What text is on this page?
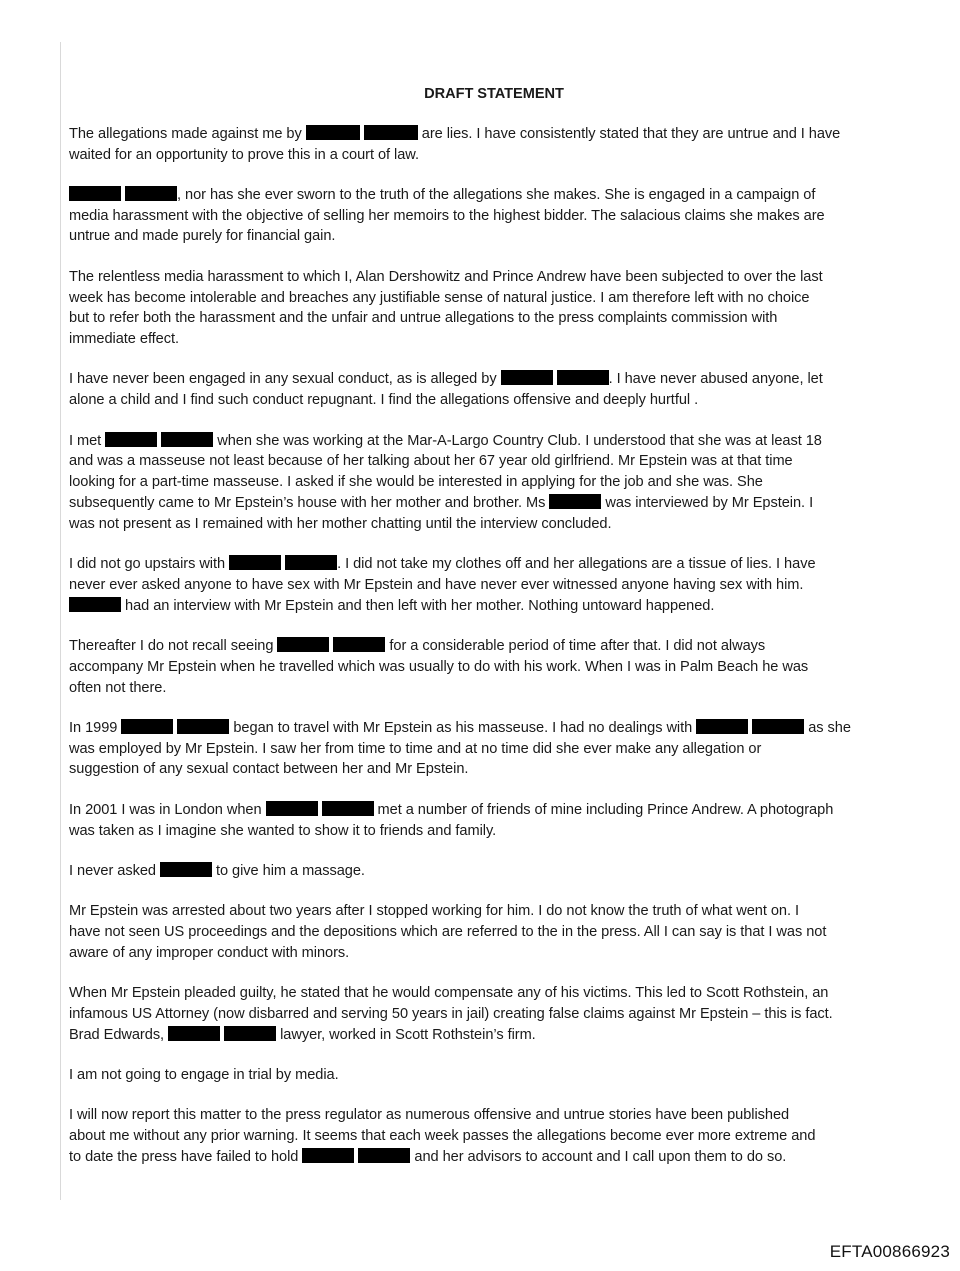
DRAFT STATEMENT
The allegations made against me by	are lies. I have consistently stated that they are untrue and I have
waited for an opportunity to prove this in a court of law.
, nor has she ever sworn to the truth of the allegations she makes. She is engaged in a campaign of
media harassment with the objective of selling her memoirs to the highest bidder. The salacious claims she makes are
untrue and made purely for financial gain.
The relentless media harassment to which I, Alan Dershowitz and Prince Andrew have been subjected to over the last
week has become intolerable and breaches any justifiable sense of natural justice. I am therefore left with no choice
but to refer both the harassment and the unfair and untrue allegations to the press complaints commission with
immediate effect.
I have never been engaged in any sexual conduct, as is alleged by	. I have never abused anyone, let
alone a child and I find such conduct repugnant. I find the allegations offensive and deeply hurtful .
I met	when she was working at the Mar-A-Largo Country Club. I understood that she was at least 18
and was a masseuse not least because of her talking about her 67 year old girlfriend. Mr Epstein was at that time
looking for a part-time masseuse. I asked if she would be interested in applying for the job and she was. She
subsequently came to Mr Epstein’s house with her mother and brother. Ms	was interviewed by Mr Epstein. I
was not present as I remained with her mother chatting until the interview concluded.
I did not go upstairs with	. I did not take my clothes off and her allegations are a tissue of lies. I have
never ever asked anyone to have sex with Mr Epstein and have never ever witnessed anyone having sex with him.
had an interview with Mr Epstein and then left with her mother. Nothing untoward happened.
Thereafter I do not recall seeing	for a considerable period of time after that. I did not always
accompany Mr Epstein when he travelled which was usually to do with his work. When I was in Palm Beach he was
often not there.
In 1999	began to travel with Mr Epstein as his masseuse. I had no dealings with	as she
was employed by Mr Epstein. I saw her from time to time and at no time did she ever make any allegation or
suggestion of any sexual contact between her and Mr Epstein.
In 2001 I was in London when	met a number of friends of mine including Prince Andrew. A photograph
was taken as I imagine she wanted to show it to friends and family.
I never asked	to give him a massage.
Mr Epstein was arrested about two years after I stopped working for him. I do not know the truth of what went on. I
have not seen US proceedings and the depositions which are referred to the in the press. All I can say is that I was not
aware of any improper conduct with minors.
When Mr Epstein pleaded guilty, he stated that he would compensate any of his victims. This led to Scott Rothstein, an
infamous US Attorney (now disbarred and serving 50 years in jail) creating false claims against Mr Epstein – this is fact.
Brad Edwards,	lawyer, worked in Scott Rothstein’s firm.
I am not going to engage in trial by media.
I will now report this matter to the press regulator as numerous offensive and untrue stories have been published
about me without any prior warning. It seems that each week passes the allegations become ever more extreme and
to date the press have failed to hold	and her advisors to account and I call upon them to do so.
EFTA00866923
